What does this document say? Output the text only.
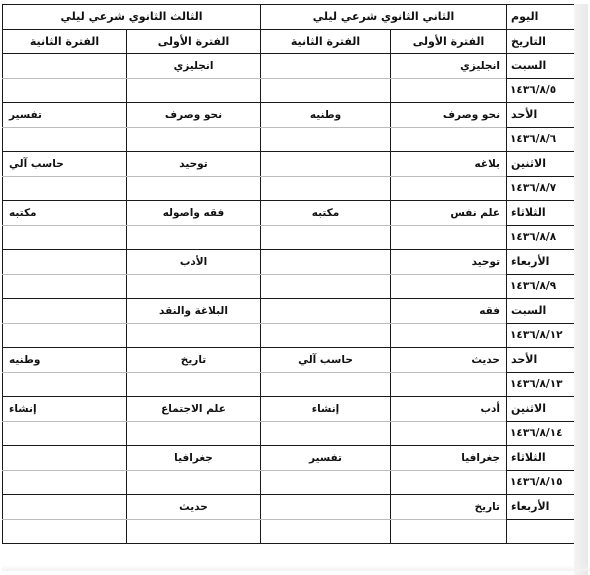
اليوم	الثاني الثانوي شرعي ليلي		الثالث الثانوي شرعي ليلي	
التاريخ	الفترة الأولى	الفترة الثانية	الفترة الأولى	الفترة الثانية
السبت	انجليزي		انجليزي	
١٤٣٦/٨/٥				
الأحد	نحو وصرف	وطنيه	نحو وصرف	تفسير
١٤٣٦/٨/٦				
الاثنين	بلاغه		توحيد	حاسب آلي
١٤٣٦/٨/٧				
الثلاثاء	علم نفس	مكتبه	فقه واصوله	مكتبه
١٤٣٦/٨/٨				
الأربعاء	توحيد		الأدب	
١٤٣٦/٨/٩				
السبت	فقه		البلاغة والنقد	
١٤٣٦/٨/١٢				
الأحد	حديث	حاسب آلي	تاريخ	وطنيه
١٤٣٦/٨/١٣				
الاثنين	أدب	إنشاء	علم الاجتماع	إنشاء
١٤٣٦/٨/١٤				
الثلاثاء	جغرافيا	تفسير	جغرافيا	
١٤٣٦/٨/١٥				
الأربعاء	تاريخ		حديث	
